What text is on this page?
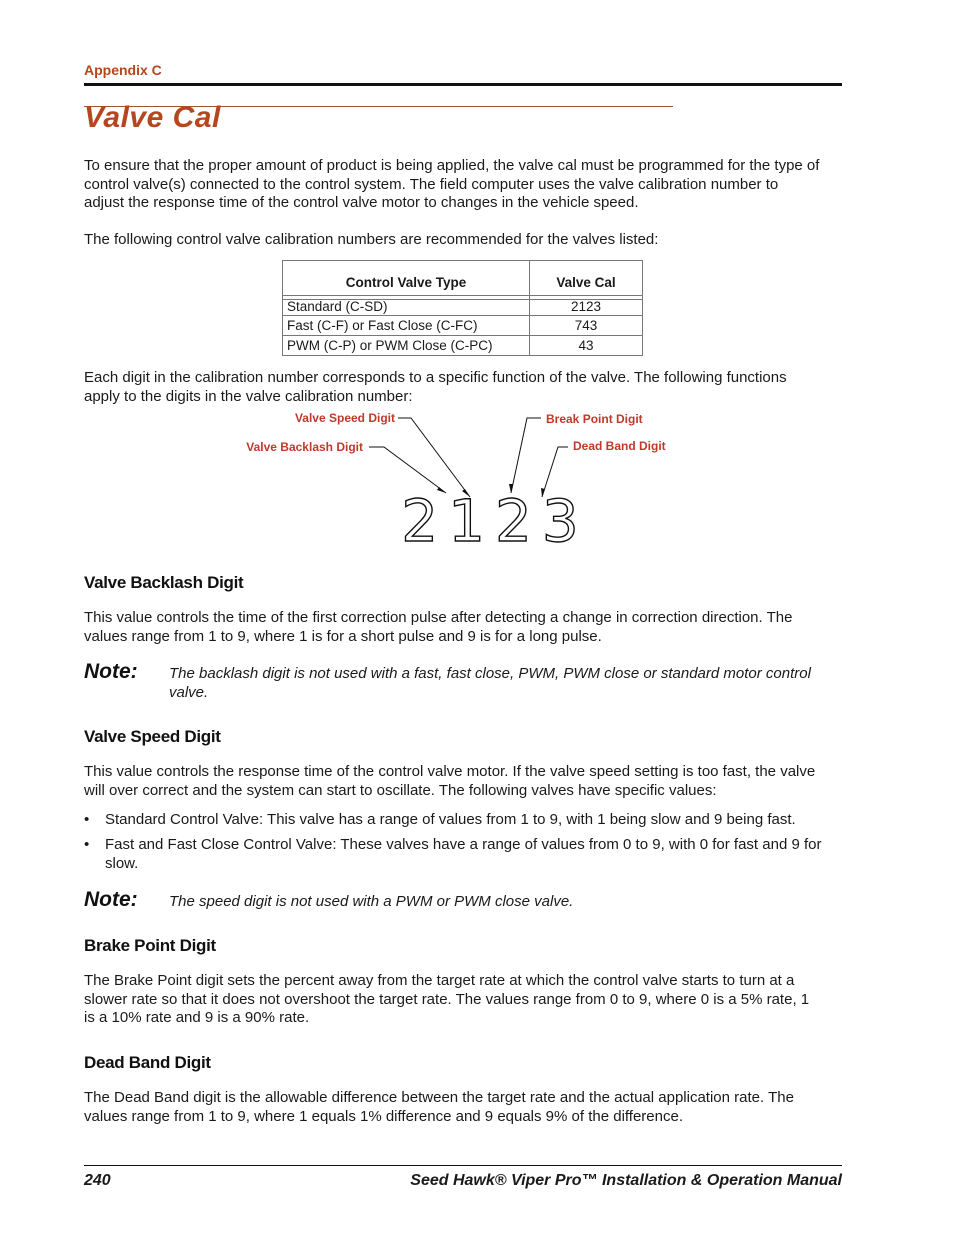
Appendix C
Valve Cal
To ensure that the proper amount of product is being applied, the valve cal must be programmed for the type of
control valve(s) connected to the control system. The field computer uses the valve calibration number to
adjust the response time of the control valve motor to changes in the vehicle speed.
The following control valve calibration numbers are recommended for the valves listed:
Control Valve Type	Valve Cal

Standard (C-SD)	2123
Fast (C-F) or Fast Close (C-FC)	743
PWM (C-P) or PWM Close (C-PC)	43
Each digit in the calibration number corresponds to a specific function of the valve. The following functions
apply to the digits in the valve calibration number:
Valve Speed Digit
Valve Backlash Digit
Break Point Digit
Dead Band Digit
2123
Valve Backlash Digit
This value controls the time of the first correction pulse after detecting a change in correction direction. The
values range from 1 to 9, where 1 is for a short pulse and 9 is for a long pulse.
Note: The backlash digit is not used with a fast, fast close, PWM, PWM close or standard motor control
valve.
Valve Speed Digit
This value controls the response time of the control valve motor. If the valve speed setting is too fast, the valve
will over correct and the system can start to oscillate. The following valves have specific values:
• Standard Control Valve: This valve has a range of values from 1 to 9, with 1 being slow and 9 being fast.
• Fast and Fast Close Control Valve: These valves have a range of values from 0 to 9, with 0 for fast and 9 for
slow.
Note: The speed digit is not used with a PWM or PWM close valve.
Brake Point Digit
The Brake Point digit sets the percent away from the target rate at which the control valve starts to turn at a
slower rate so that it does not overshoot the target rate. The values range from 0 to 9, where 0 is a 5% rate, 1
is a 10% rate and 9 is a 90% rate.
Dead Band Digit
The Dead Band digit is the allowable difference between the target rate and the actual application rate. The
values range from 1 to 9, where 1 equals 1% difference and 9 equals 9% of the difference.
240	Seed Hawk® Viper Pro™ Installation & Operation Manual
